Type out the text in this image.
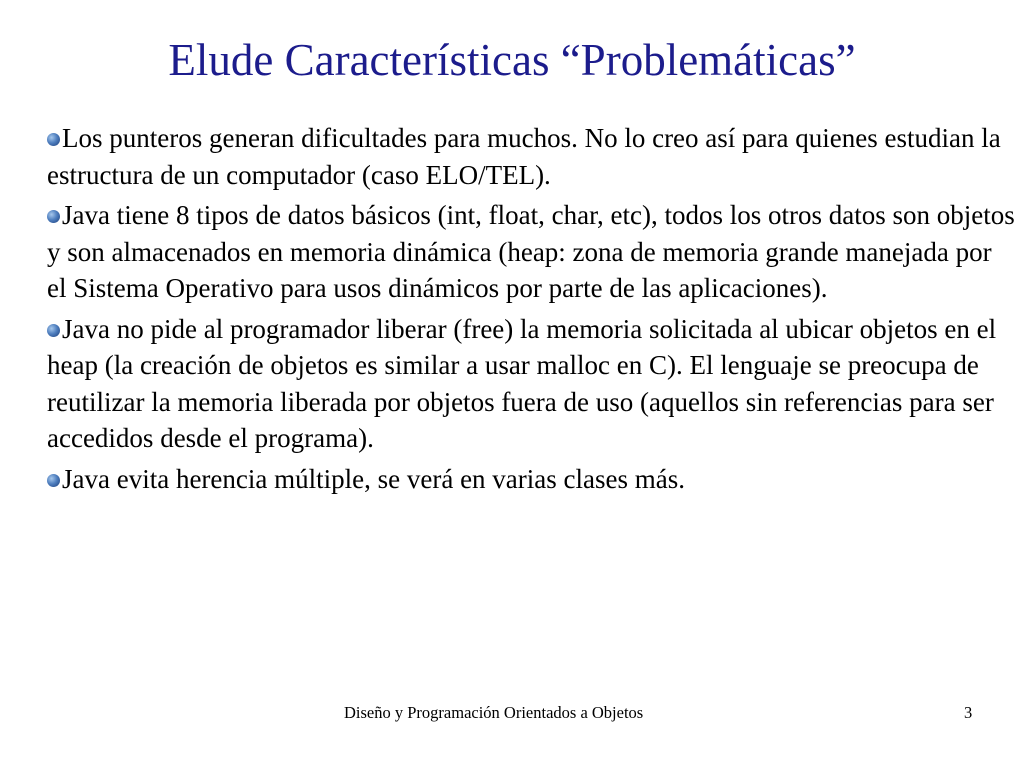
Elude Características “Problemáticas”
Los punteros generan dificultades para muchos. No lo creo así para quienes estudian la estructura de un computador (caso ELO/TEL).
Java tiene 8 tipos de datos básicos (int, float, char, etc), todos los otros datos son objetos y son almacenados en memoria dinámica (heap: zona de memoria grande manejada por el Sistema Operativo para usos dinámicos por parte de las aplicaciones).
Java no pide al programador liberar (free) la memoria solicitada al ubicar objetos en el heap (la creación de objetos es similar a usar malloc en C). El lenguaje se preocupa de reutilizar la memoria liberada por objetos fuera de uso (aquellos sin referencias para ser accedidos desde el programa).
Java evita herencia múltiple, se verá en varias clases más.
Diseño y Programación Orientados a Objetos	3
